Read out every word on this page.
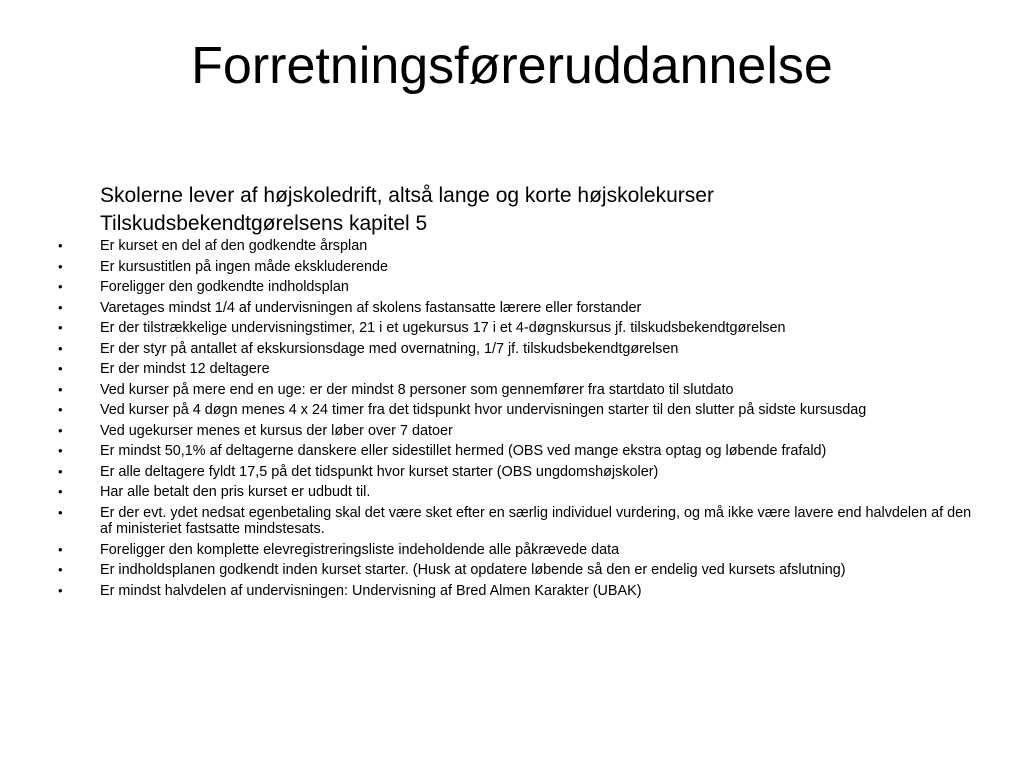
Forretningsføreruddannelse

Skolerne lever af højskoledrift, altså lange og korte højskolekurser

Tilskudsbekendtgørelsens kapitel 5

•	Er kurset en del af den godkendte årsplan
•	Er kursustitlen på ingen måde ekskluderende
•	Foreligger den godkendte indholdsplan
•	Varetages mindst 1/4 af undervisningen af skolens fastansatte lærere eller forstander
•	Er der tilstrækkelige undervisningstimer, 21 i et ugekursus 17 i et 4-døgnskursus jf. tilskudsbekendtgørelsen
•	Er der styr på antallet af ekskursionsdage med overnatning, 1/7 jf. tilskudsbekendtgørelsen
•	Er der mindst 12 deltagere
•	Ved kurser på mere end en uge: er der mindst 8 personer som gennemfører fra startdato til slutdato
•	Ved kurser på 4 døgn menes 4 x 24 timer fra det tidspunkt hvor undervisningen starter til den slutter på sidste kursusdag
•	Ved ugekurser menes et kursus der løber over 7 datoer
•	Er mindst 50,1% af deltagerne danskere eller sidestillet hermed (OBS ved mange ekstra optag og løbende frafald)
•	Er alle deltagere fyldt 17,5 på det tidspunkt hvor kurset starter (OBS ungdomshøjskoler)
•	Har alle betalt den pris kurset er udbudt til.
•	Er der evt. ydet nedsat egenbetaling skal det være sket efter en særlig individuel vurdering, og må ikke være lavere end halvdelen af den af ministeriet fastsatte mindstesats.
•	Foreligger den komplette elevregistreringsliste indeholdende alle påkrævede data
•	Er indholdsplanen godkendt inden kurset starter. (Husk at opdatere løbende så den er endelig ved kursets afslutning)
•	Er mindst halvdelen af undervisningen: Undervisning af Bred Almen Karakter (UBAK)
